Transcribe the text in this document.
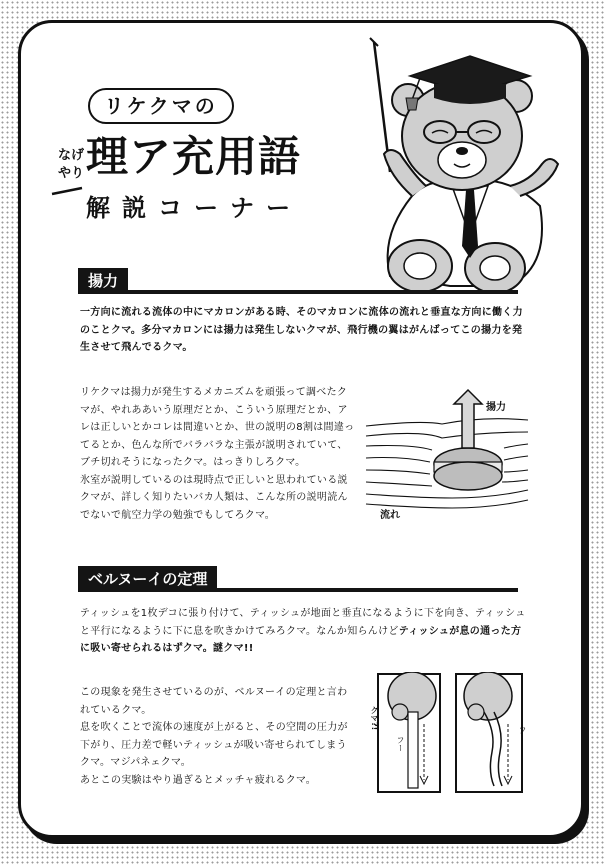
リケクマの
なげ
やり 理ア充用語
解説コーナー
揚力
一方向に流れる流体の中にマカロンがある時、そのマカロンに流体の流れと垂直な方向に働く力のことクマ。多分マカロンには揚力は発生しないクマが、飛行機の翼はがんばってこの揚力を発生させて飛んでるクマ。
リケクマは揚力が発生するメカニズムを頑張って調べたクマが、やれああいう原理だとか、こういう原理だとか、アレは正しいとかコレは間違いとか、世の説明の8割は間違ってるとか、色んな所でバラバラな主張が説明されていて、ブチ切れそうになったクマ。はっきりしろクマ。
氷室が説明しているのは現時点で正しいと思われている説クマが、詳しく知りたいバカ人類は、こんな所の説明読んでないで航空力学の勉強でもしてろクマ。
揚力
流れ
ベルヌーイの定理
ティッシュを1枚デコに張り付けて、ティッシュが地面と垂直になるように下を向き、ティッシュと平行になるように下に息を吹きかけてみろクマ。なんか知らんけどティッシュが息の通った方に吸い寄せられるはずクマ。謎クマ!!
この現象を発生させているのが、ベルヌーイの定理と言われているクマ。
息を吹くことで流体の速度が上がると、その空間の圧力が下がり、圧力差で軽いティッシュが吸い寄せられてしまうクマ。マジパネェクマ。
あとこの実験はやり過ぎるとメッチャ疲れるクマ。
クマ?!
フー
フー
